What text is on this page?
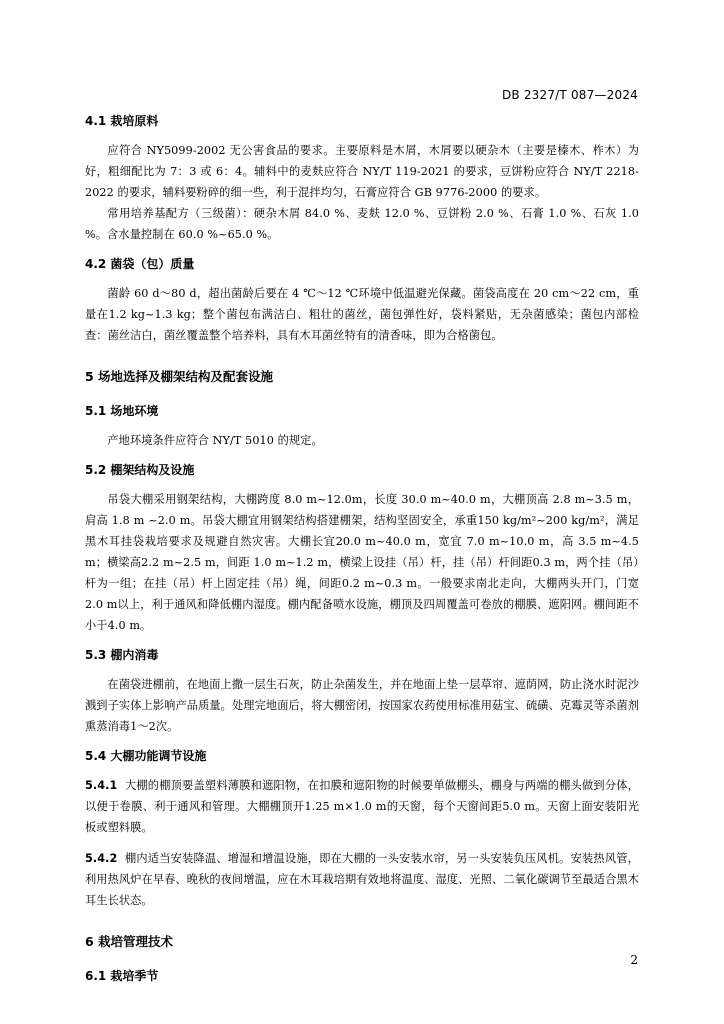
DB 2327/T 087—2024

4.1 栽培原料

应符合 NY5099-2002 无公害食品的要求。主要原料是木屑，木屑要以硬杂木（主要是榛木、柞木）为好，粗细配比为 7：3 或 6：4。辅料中的麦麸应符合 NY/T 119-2021 的要求，豆饼粉应符合 NY/T 2218-2022 的要求，辅料要粉碎的细一些，利于混拌均匀，石膏应符合 GB 9776-2000 的要求。

常用培养基配方（三级菌）：硬杂木屑 84.0 %、麦麸 12.0 %、豆饼粉 2.0 %、石膏 1.0 %、石灰 1.0 %。含水量控制在 60.0 %~65.0 %。

4.2 菌袋（包）质量

菌龄 60 d～80 d，超出菌龄后要在 4 ℃～12 ℃环境中低温避光保藏。菌袋高度在 20 cm～22 cm，重量在1.2 kg~1.3 kg；整个菌包布满洁白、粗壮的菌丝，菌包弹性好，袋料紧贴，无杂菌感染；菌包内部检查：菌丝洁白，菌丝覆盖整个培养料，具有木耳菌丝特有的清香味，即为合格菌包。

5 场地选择及棚架结构及配套设施

5.1 场地环境

产地环境条件应符合 NY/T 5010 的规定。

5.2 棚架结构及设施

吊袋大棚采用钢架结构，大棚跨度 8.0 m~12.0m，长度 30.0 m~40.0 m，大棚顶高 2.8 m~3.5 m，肩高 1.8 m ~2.0 m。吊袋大棚宜用钢架结构搭建棚架，结构坚固安全，承重150 kg/m²~200 kg/m²，满足黑木耳挂袋栽培要求及规避自然灾害。大棚长宜20.0 m~40.0 m，宽宜 7.0 m~10.0 m，高 3.5 m~4.5 m；横梁高2.2 m~2.5 m，间距 1.0 m~1.2 m，横梁上设挂（吊）杆，挂（吊）杆间距0.3 m，两个挂（吊）杆为一组；在挂（吊）杆上固定挂（吊）绳，间距0.2 m~0.3 m。一般要求南北走向，大棚两头开门，门宽 2.0 m以上，利于通风和降低棚内湿度。棚内配备喷水设施，棚顶及四周覆盖可卷放的棚膜、遮阳网。棚间距不小于4.0 m。

5.3 棚内消毒

在菌袋进棚前，在地面上撒一层生石灰，防止杂菌发生，并在地面上垫一层草帘、遮荫网，防止浇水时泥沙溅到子实体上影响产品质量。处理完地面后，将大棚密闭，按国家农药使用标准用菇宝、硫磺、克霉灵等杀菌剂熏蒸消毒1～2次。

5.4 大棚功能调节设施

5.4.1 大棚的棚顶要盖塑料薄膜和遮阳物，在扣膜和遮阳物的时候要单做棚头，棚身与两端的棚头做到分体，以便于卷膜、利于通风和管理。大棚棚顶开1.25 m×1.0 m的天窗，每个天窗间距5.0 m。天窗上面安装阳光板或塑料膜。

5.4.2 棚内适当安装降温、增湿和增温设施，即在大棚的一头安装水帘，另一头安装负压风机。安装热风管，利用热风炉在早春、晚秋的夜间增温，应在木耳栽培期有效地将温度、湿度、光照、二氧化碳调节至最适合黑木耳生长状态。

6 栽培管理技术

6.1 栽培季节

2
